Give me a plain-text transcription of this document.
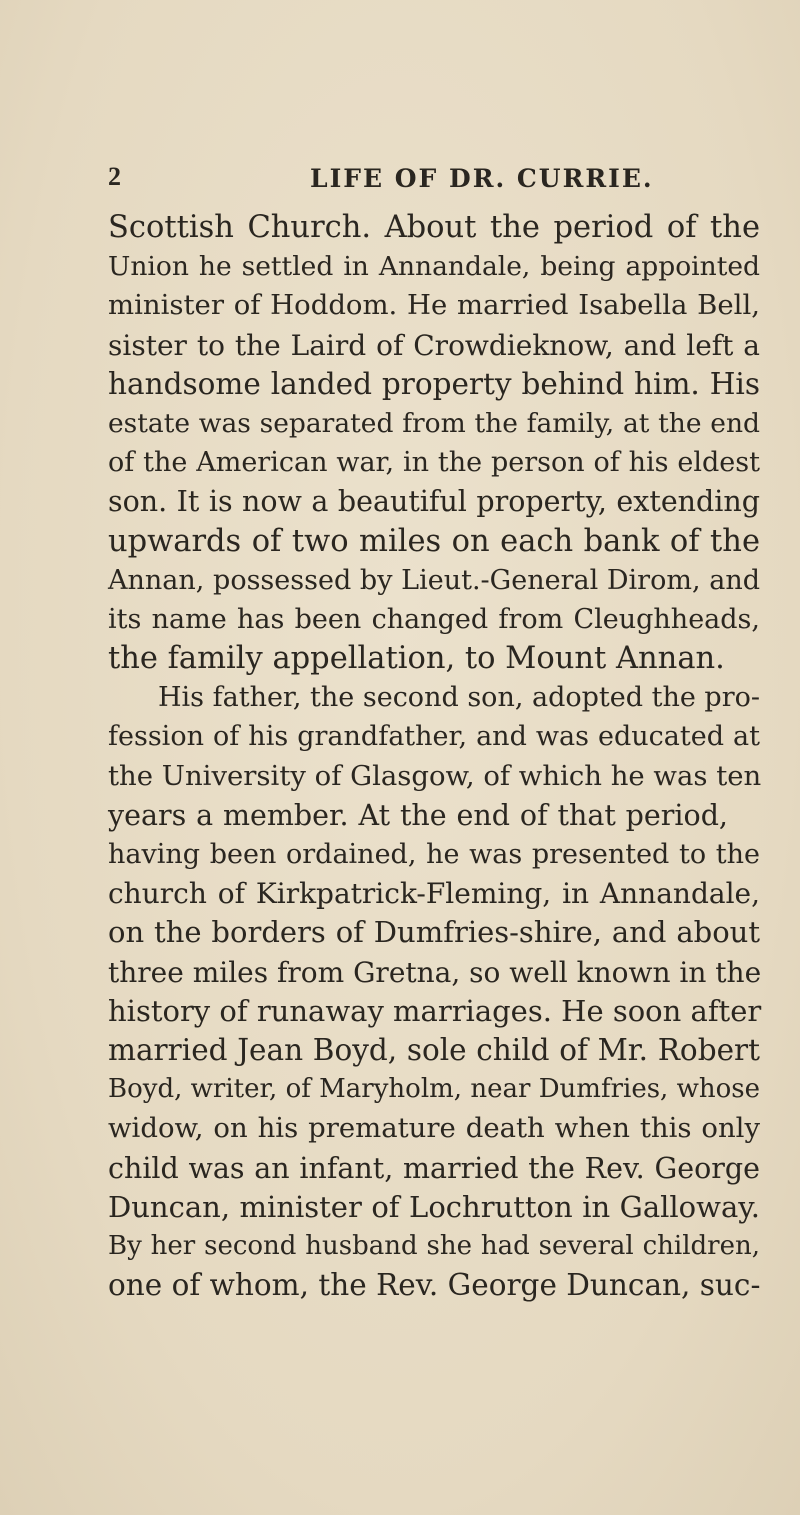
2	LIFE OF DR. CURRIE.
Scottish Church. About the period of the
Union he settled in Annandale, being appointed
minister of Hoddom. He married Isabella Bell,
sister to the Laird of Crowdieknow, and left a
handsome landed property behind him. His
estate was separated from the family, at the end
of the American war, in the person of his eldest
son. It is now a beautiful property, extending
upwards of two miles on each bank of the
Annan, possessed by Lieut.-General Dirom, and
its name has been changed from Cleughheads,
the family appellation, to Mount Annan.
His father, the second son, adopted the pro-
fession of his grandfather, and was educated at
the University of Glasgow, of which he was ten
years a member. At the end of that period,
having been ordained, he was presented to the
church of Kirkpatrick-Fleming, in Annandale,
on the borders of Dumfries-shire, and about
three miles from Gretna, so well known in the
history of runaway marriages. He soon after
married Jean Boyd, sole child of Mr. Robert
Boyd, writer, of Maryholm, near Dumfries, whose
widow, on his premature death when this only
child was an infant, married the Rev. George
Duncan, minister of Lochrutton in Galloway.
By her second husband she had several children,
one of whom, the Rev. George Duncan, suc-
